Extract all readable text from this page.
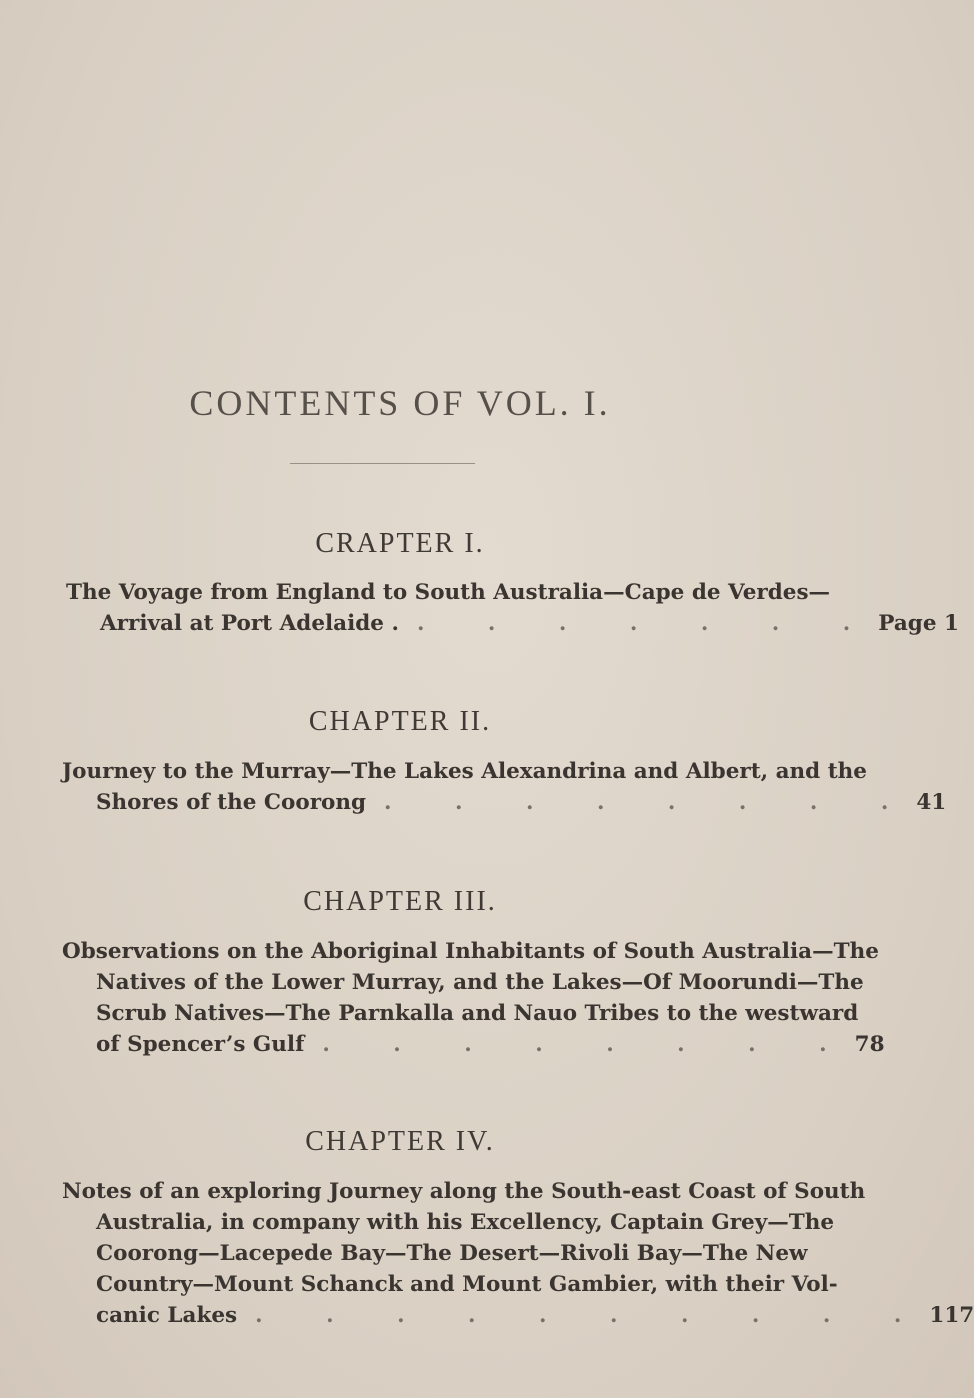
CONTENTS OF VOL. I.
CRAPTER I.
The Voyage from England to South Australia—Cape de Verdes—
Arrival at Port Adelaide . . . . . . . . Page 1
CHAPTER II.
Journey to the Murray—The Lakes Alexandrina and Albert, and the
Shores of the Coorong . . . . . . . . 41
CHAPTER III.
Observations on the Aboriginal Inhabitants of South Australia—The
Natives of the Lower Murray, and the Lakes—Of Moorundi—The
Scrub Natives—The Parnkalla and Nauo Tribes to the westward
of Spencer’s Gulf . . . . . . . . 78
CHAPTER IV.
Notes of an exploring Journey along the South-east Coast of South
Australia, in company with his Excellency, Captain Grey—The
Coorong—Lacepede Bay—The Desert—Rivoli Bay—The New
Country—Mount Schanck and Mount Gambier, with their Vol-
canic Lakes . . . . . . . . . . 117
